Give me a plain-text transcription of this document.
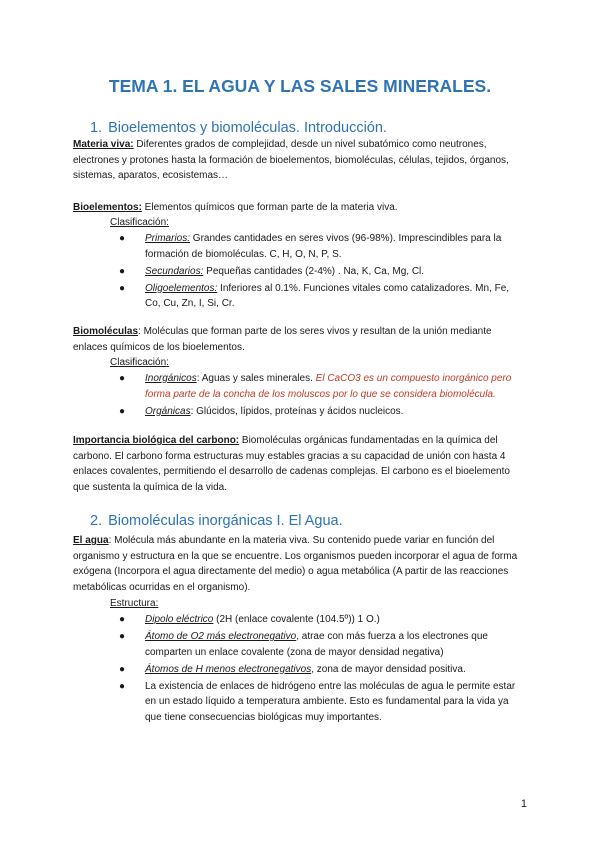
TEMA 1. EL AGUA Y LAS SALES MINERALES.
1. Bioelementos y biomoléculas. Introducción.

Materia viva: Diferentes grados de complejidad, desde un nivel subatómico como neutrones, electrones y protones hasta la formación de bioelementos, biomoléculas, células, tejidos, órganos, sistemas, aparatos, ecosistemas…

Bioelementos: Elementos químicos que forman parte de la materia viva.

Clasificación:

● Primarios: Grandes cantidades en seres vivos (96-98%). Imprescindibles para la formación de biomoléculas. C, H, O, N, P, S.
● Secundarios: Pequeñas cantidades (2-4%) . Na, K, Ca, Mg, Cl.
● Oligoelementos: Inferiores al 0.1%. Funciones vitales como catalizadores. Mn, Fe, Co, Cu, Zn, I, Si, Cr.

Biomoléculas: Moléculas que forman parte de los seres vivos y resultan de la unión mediante enlaces químicos de los bioelementos.

Clasificación:

● Inorgánicos: Aguas y sales minerales. El CaCO3 es un compuesto inorgánico pero forma parte de la concha de los moluscos por lo que se considera biomolécula.
● Orgánicas: Glúcidos, lípidos, proteínas y ácidos nucleicos.

Importancia biológica del carbono: Biomoléculas orgánicas fundamentadas en la química del carbono. El carbono forma estructuras muy estables gracias a su capacidad de unión con hasta 4 enlaces covalentes, permitiendo el desarrollo de cadenas complejas. El carbono es el bioelemento que sustenta la química de la vida.

2. Biomoléculas inorgánicas I. El Agua.

El agua: Molécula más abundante en la materia viva. Su contenido puede variar en función del organismo y estructura en la que se encuentre. Los organismos pueden incorporar el agua de forma exógena (Incorpora el agua directamente del medio) o agua metabólica (A partir de las reacciones metabólicas ocurridas en el organismo).

Estructura:

● Dipolo eléctrico (2H (enlace covalente (104.5º)) 1 O.)
● Átomo de O2 más electronegativo, atrae con más fuerza a los electrones que comparten un enlace covalente (zona de mayor densidad negativa)
● Átomos de H menos electronegativos, zona de mayor densidad positiva.
● La existencia de enlaces de hidrógeno entre las moléculas de agua le permite estar en un estado líquido a temperatura ambiente. Esto es fundamental para la vida ya que tiene consecuencias biológicas muy importantes.
1
